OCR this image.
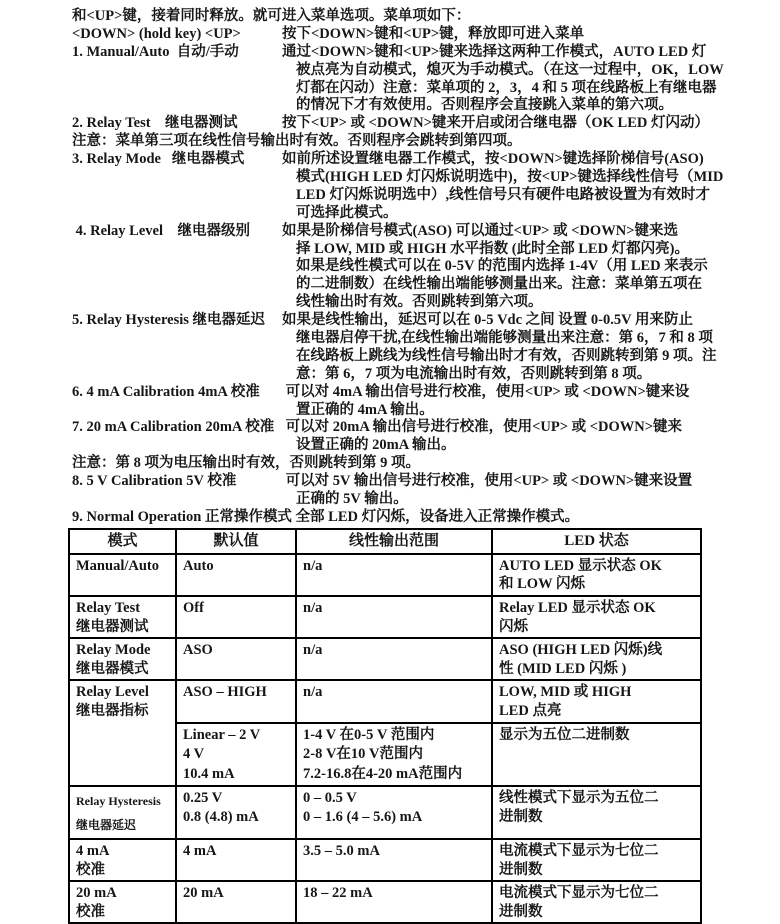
和<UP>键，接着同时释放。就可进入菜单选项。菜单项如下：
<DOWN> (hold key) <UP>	按下<DOWN>键和<UP>键，释放即可进入菜单
1. Manual/Auto  自动/手动	通过<DOWN>键和<UP>键来选择这两种工作模式，AUTO LED 灯
被点亮为自动模式，熄灭为手动模式。（在这一过程中，OK，LOW
灯都在闪动）注意：菜单项的 2，3，4 和 5 项在线路板上有继电器
的情况下才有效使用。否则程序会直接跳入菜单的第六项。
2. Relay Test    继电器测试	按下<UP> 或 <DOWN>键来开启或闭合继电器（OK LED 灯闪动）
注意：菜单第三项在线性信号输出时有效。否则程序会跳转到第四项。
3. Relay Mode   继电器模式	如前所述设置继电器工作模式，按<DOWN>键选择阶梯信号(ASO)
模式(HIGH LED 灯闪烁说明选中)，按<UP>键选择线性信号（MID
LED 灯闪烁说明选中）,线性信号只有硬件电路被设置为有效时才
可选择此模式。
4. Relay Level    继电器级别 如果是阶梯信号模式(ASO) 可以通过<UP> 或 <DOWN>键来选
择 LOW, MID 或 HIGH 水平指数 (此时全部 LED 灯都闪亮)。
如果是线性模式可以在 0-5V 的范围内选择 1-4V（用 LED 来表示
的二进制数）在线性输出端能够测量出来。注意：菜单第五项在
线性输出时有效。否则跳转到第六项。
5. Relay Hysteresis 继电器延迟 如果是线性输出，延迟可以在 0-5 Vdc 之间 设置 0-0.5V 用来防止
继电器启停干扰,在线性输出端能够测量出来注意：第 6，7 和 8 项
在线路板上跳线为线性信号输出时才有效，否则跳转到第 9 项。注
意：第 6，7 项为电流输出时有效，否则跳转到第 8 项。
6. 4 mA Calibration 4mA 校准 可以对 4mA 输出信号进行校准，使用<UP> 或 <DOWN>键来设
置正确的 4mA 输出。
7. 20 mA Calibration 20mA 校准 可以对 20mA 输出信号进行校准，使用<UP> 或 <DOWN>键来
设置正确的 20mA 输出。
注意：第 8 项为电压输出时有效，否则跳转到第 9 项。
8. 5 V Calibration 5V 校准	可以对 5V 输出信号进行校准，使用<UP> 或 <DOWN>键来设置
正确的 5V 输出。
9. Normal Operation 正常操作模式 全部 LED 灯闪烁，设备进入正常操作模式。
模式	默认值	线性输出范围	LED 状态
Manual/Auto	Auto	n/a	AUTO LED 显示状态 OK
和 LOW 闪烁
Relay Test
继电器测试	Off	n/a	Relay LED 显示状态 OK
闪烁
Relay Mode
继电器模式	ASO	n/a	ASO (HIGH LED 闪烁)线
性 (MID LED 闪烁 )
Relay Level
继电器指标	ASO – HIGH	n/a	LOW, MID 或 HIGH
LED 点亮
	Linear – 2 V
4 V
10.4 mA	1-4 V 在0-5 V 范围内
2-8 V在10 V范围内
7.2-16.8在4-20 mA范围内	显示为五位二进制数
Relay Hysteresis
继电器延迟	0.25 V
0.8 (4.8) mA	0 – 0.5 V
0 – 1.6 (4 – 5.6) mA	线性模式下显示为五位二
进制数
4 mA
校准	4 mA	3.5 – 5.0 mA	电流模式下显示为七位二
进制数
20 mA
校准	20 mA	18 – 22 mA	电流模式下显示为七位二
进制数
